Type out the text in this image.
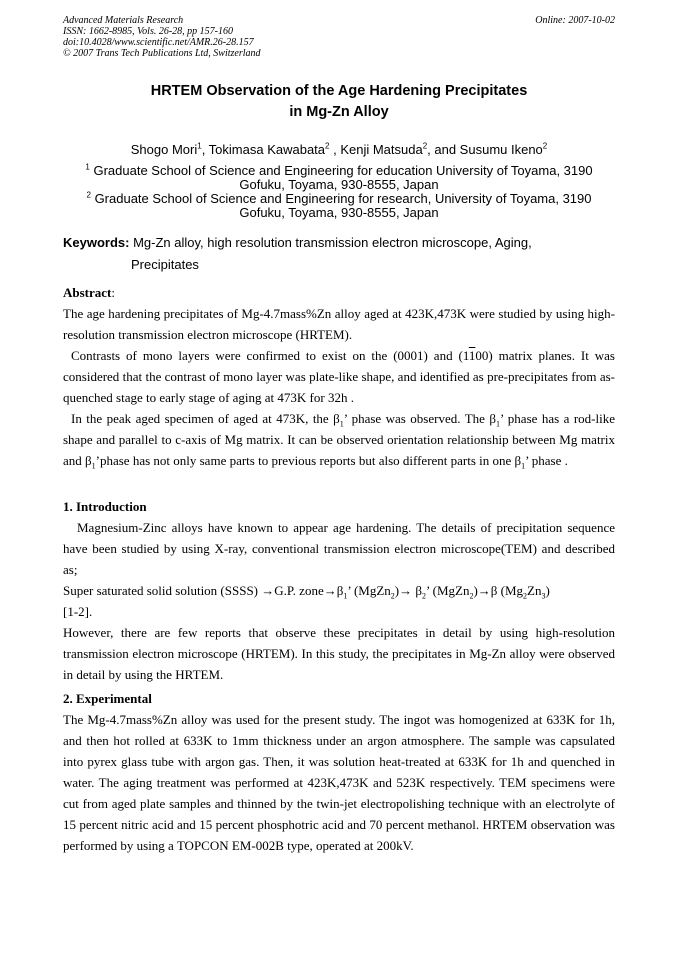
Advanced Materials Research
ISSN: 1662-8985, Vols. 26-28, pp 157-160
doi:10.4028/www.scientific.net/AMR.26-28.157
© 2007 Trans Tech Publications Ltd, Switzerland
Online: 2007-10-02
HRTEM Observation of the Age Hardening Precipitates
in Mg-Zn Alloy
Shogo Mori$^1$, Tokimasa Kawabata$^2$ , Kenji Matsuda$^2$, and Susumu Ikeno$^2$
$^1$ Graduate School of Science and Engineering for education University of Toyama, 3190 Gofuku, Toyama, 930-8555, Japan
$^2$ Graduate School of Science and Engineering for research, University of Toyama, 3190 Gofuku, Toyama, 930-8555, Japan
Keywords: Mg-Zn alloy, high resolution transmission electron microscope, Aging,
Precipitates

Abstract:

The age hardening precipitates of Mg-4.7mass%Zn alloy aged at 423K,473K were studied by using high-resolution transmission electron microscope (HRTEM).

Contrasts of mono layers were confirmed to exist on the (0001) and (1100) matrix planes. It was considered that the contrast of mono layer was plate-like shape, and identified as pre-precipitates from as-quenched stage to early stage of aging at 473K for 32h .

In the peak aged specimen of aged at 473K, the $\beta_1$’ phase was observed. The $\beta_1$’ phase has a rod-like shape and parallel to c-axis of Mg matrix. It can be observed orientation relationship between Mg matrix and $\beta_1’phase$ has not only same parts to previous reports but also different parts in one $\beta_1$’ phase .

1. Introduction

Magnesium-Zinc alloys have known to appear age hardening. The details of precipitation sequence have been studied by using X-ray, conventional transmission electron microscope(TEM) and described as;

Super saturated solid solution (SSSS) →G.P. $zone\to\beta_1$’ (MgZn$_2$)→ $\beta_2$’ (MgZn$_2$)→β $(Mg_2Zn_3)$

[1-2].

However, there are few reports that observe these precipitates in detail by using high-resolution transmission electron microscope (HRTEM). In this study, the precipitates in Mg-Zn alloy were observed in detail by using the HRTEM.

2. Experimental

The Mg-4.7mass%Zn alloy was used for the present study. The ingot was homogenized at 633K for 1h, and then hot rolled at 633K to 1mm thickness under an argon atmosphere. The sample was capsulated into pyrex glass tube with argon gas. Then, it was solution heat-treated at 633K for 1h and quenched in water. The aging treatment was performed at 423K,473K and 523K respectively. TEM specimens were cut from aged plate samples and thinned by the twin-jet electropolishing technique with an electrolyte of 15 percent nitric acid and 15 percent phosphotric acid and 70 percent methanol. HRTEM observation was performed by using a TOPCON EM-002B type, operated at 200kV.
